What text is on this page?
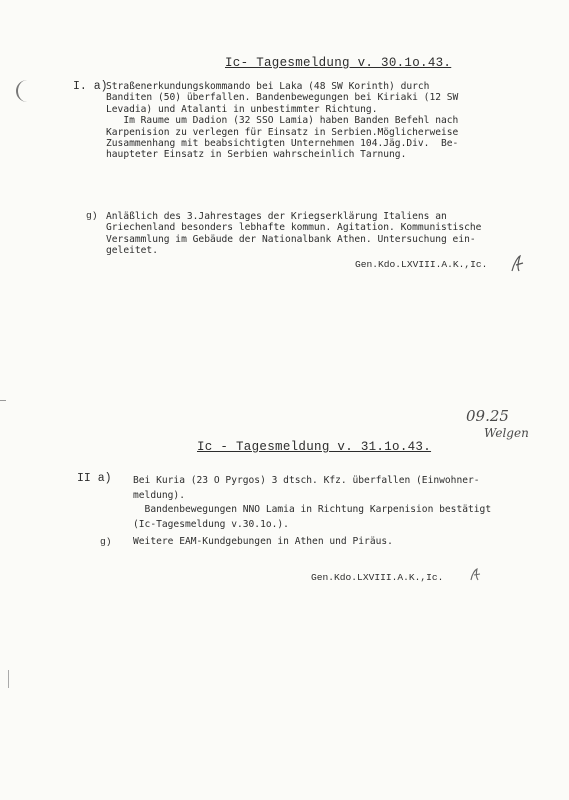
Ic- Tagesmeldung v. 30.1o.43.
I. a)
Straßenerkundungskommando bei Laka (48 SW Korinth) durch
Banditen (50) überfallen. Bandenbewegungen bei Kiriaki (12 SW
Levadia) und Atalanti in unbestimmter Richtung.
Im Raume um Dadion (32 SSO Lamia) haben Banden Befehl nach
Karpenision zu verlegen für Einsatz in Serbien.Möglicherweise
Zusammenhang mit beabsichtigten Unternehmen 104.Jäg.Div.  Be-
haupteter Einsatz in Serbien wahrscheinlich Tarnung.
g) Anläßlich des 3.Jahrestages der Kriegserklärung Italiens an
Griechenland besonders lebhafte kommun. Agitation. Kommunistische
Versammlung im Gebäude der Nationalbank Athen. Untersuchung ein-
geleitet.
Gen.Kdo.LXVIII.A.K.,Ic.
09.25
Welgen
Ic - Tagesmeldung v. 31.1o.43.
II a) Bei Kuria (23 O Pyrgos) 3 dtsch. Kfz. überfallen (Einwohner-
meldung).
Bandenbewegungen NNO Lamia in Richtung Karpenision bestätigt
(Ic-Tagesmeldung v.30.1o.).
g) Weitere EAM-Kundgebungen in Athen und Piräus.
Gen.Kdo.LXVIII.A.K.,Ic.
